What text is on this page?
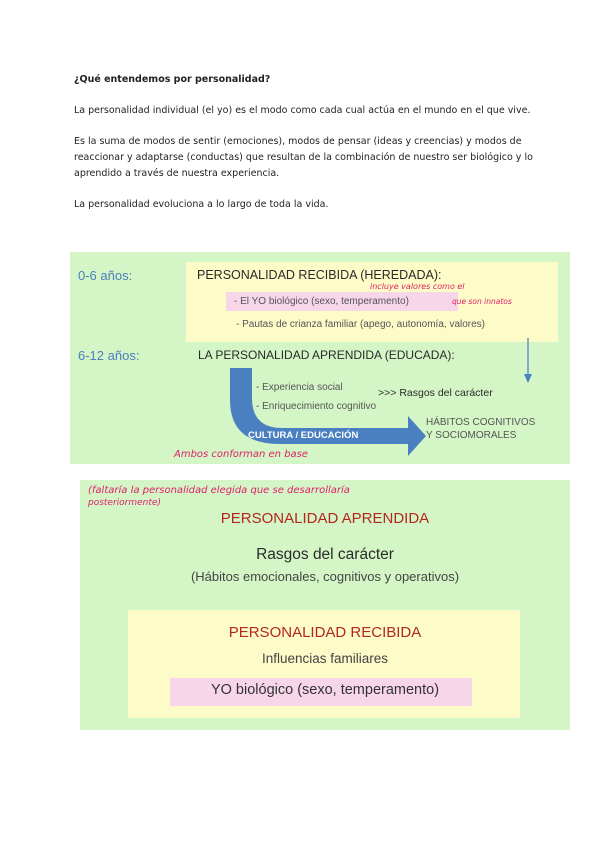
¿Qué entendemos por personalidad?

La personalidad individual (el yo) es el modo como cada cual actúa en el mundo en el que vive.

Es la suma de modos de sentir (emociones), modos de pensar (ideas y creencias) y modos de reaccionar y adaptarse (conductas) que resultan de la combinación de nuestro ser biológico y lo aprendido a través de nuestra experiencia.

La personalidad evoluciona a lo largo de toda la vida.

0-6 años:
6-12 años:
PERSONALIDAD RECIBIDA (HEREDADA):
- El YO biológico (sexo, temperamento)
- Pautas de crianza familiar (apego, autonomía, valores)
LA PERSONALIDAD APRENDIDA (EDUCADA):
- Experiencia social
- Enriquecimiento cognitivo
>>> Rasgos del carácter
HÁBITOS COGNITIVOS
Y SOCIOMORALES
CULTURA / EDUCACIÓN
incluye valores como el
que son innatos
Ambos conforman en base
(faltaría la personalidad elegida que se desarrollaría
posteriormente)
PERSONALIDAD APRENDIDA
Rasgos del carácter
(Hábitos emocionales, cognitivos y operativos)
PERSONALIDAD RECIBIDA
Influencias familiares
YO biológico (sexo, temperamento)
